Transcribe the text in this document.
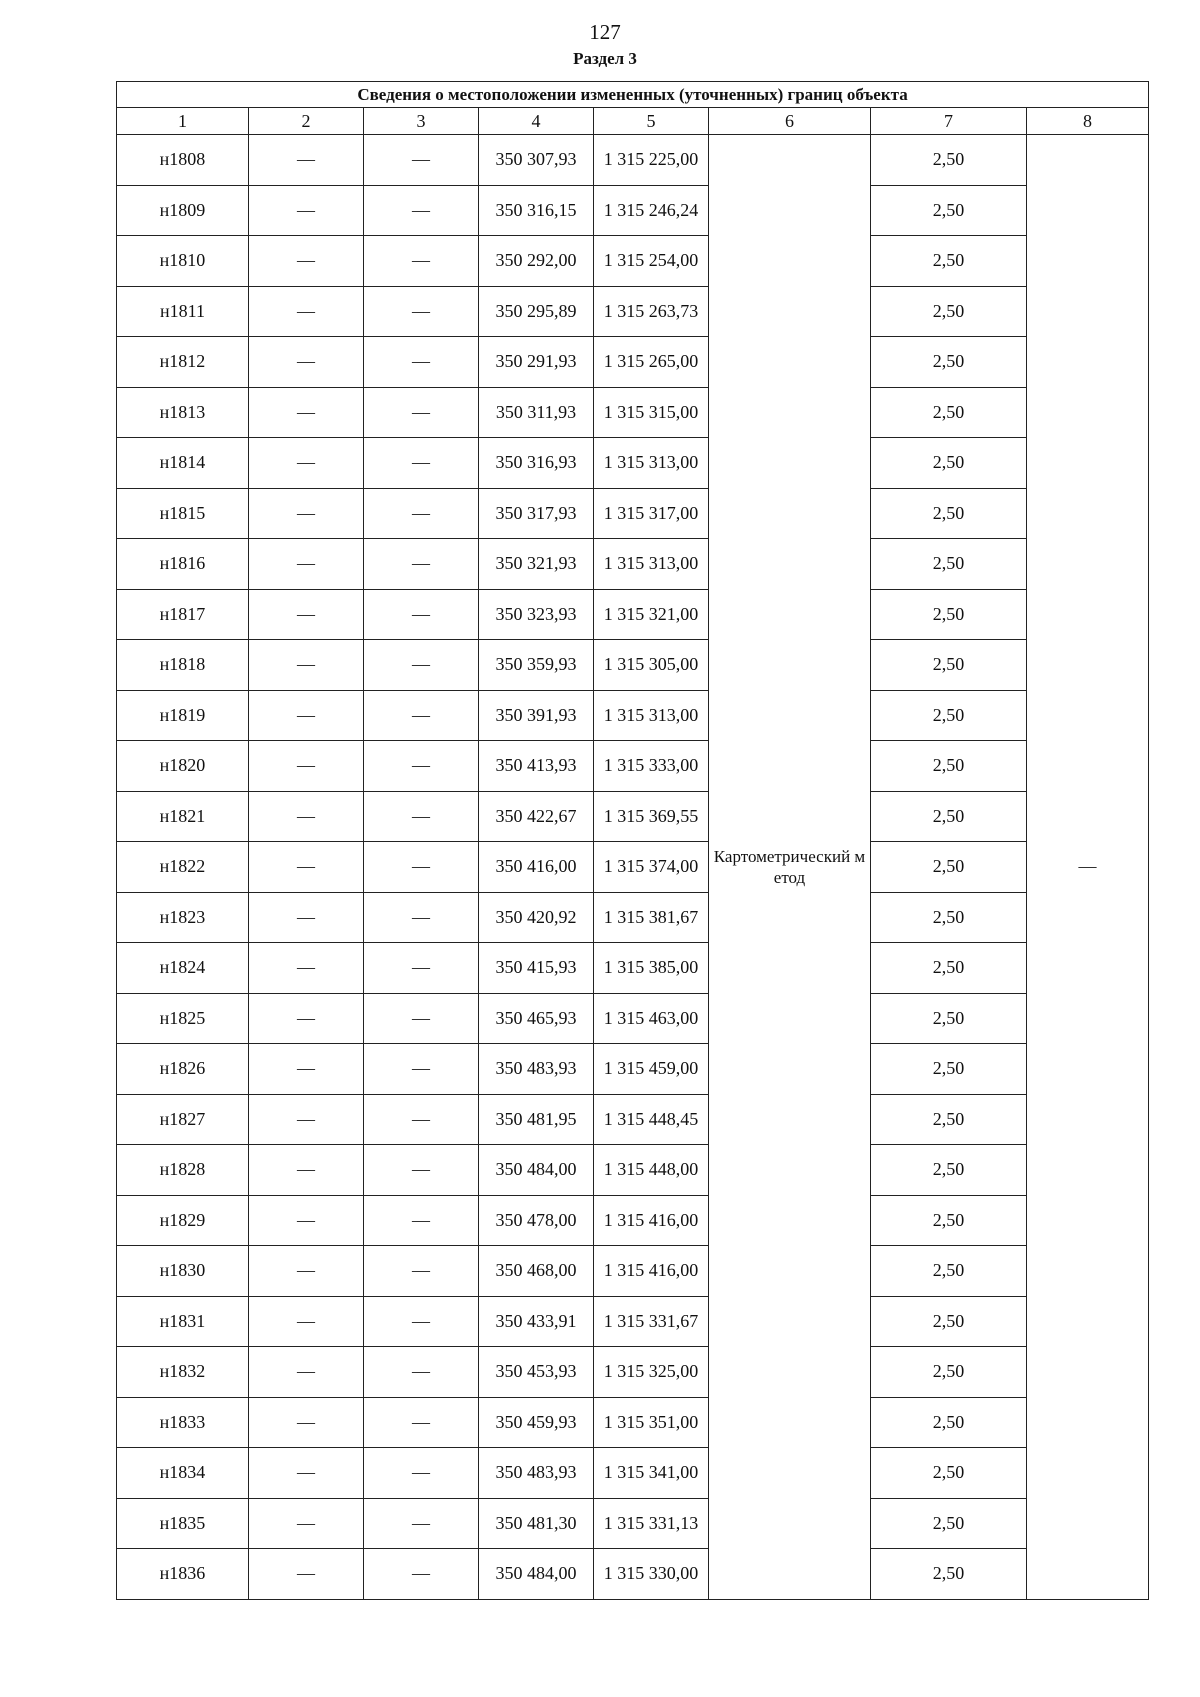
127
Раздел 3
Сведения о местоположении измененных (уточненных) границ объекта							
1	2	3	4	5	6	7	8
н1808	—	—	350 307,93	1 315 225,00	Картометрический метод	2,50	—
н1809	—	—	350 316,15	1 315 246,24		2,50	
н1810	—	—	350 292,00	1 315 254,00		2,50	
н1811	—	—	350 295,89	1 315 263,73		2,50	
н1812	—	—	350 291,93	1 315 265,00		2,50	
н1813	—	—	350 311,93	1 315 315,00		2,50	
н1814	—	—	350 316,93	1 315 313,00		2,50	
н1815	—	—	350 317,93	1 315 317,00		2,50	
н1816	—	—	350 321,93	1 315 313,00		2,50	
н1817	—	—	350 323,93	1 315 321,00		2,50	
н1818	—	—	350 359,93	1 315 305,00		2,50	
н1819	—	—	350 391,93	1 315 313,00		2,50	
н1820	—	—	350 413,93	1 315 333,00		2,50	
н1821	—	—	350 422,67	1 315 369,55		2,50	
н1822	—	—	350 416,00	1 315 374,00		2,50	
н1823	—	—	350 420,92	1 315 381,67		2,50	
н1824	—	—	350 415,93	1 315 385,00		2,50	
н1825	—	—	350 465,93	1 315 463,00		2,50	
н1826	—	—	350 483,93	1 315 459,00		2,50	
н1827	—	—	350 481,95	1 315 448,45		2,50	
н1828	—	—	350 484,00	1 315 448,00		2,50	
н1829	—	—	350 478,00	1 315 416,00		2,50	
н1830	—	—	350 468,00	1 315 416,00		2,50	
н1831	—	—	350 433,91	1 315 331,67		2,50	
н1832	—	—	350 453,93	1 315 325,00		2,50	
н1833	—	—	350 459,93	1 315 351,00		2,50	
н1834	—	—	350 483,93	1 315 341,00		2,50	
н1835	—	—	350 481,30	1 315 331,13		2,50	
н1836	—	—	350 484,00	1 315 330,00		2,50	
